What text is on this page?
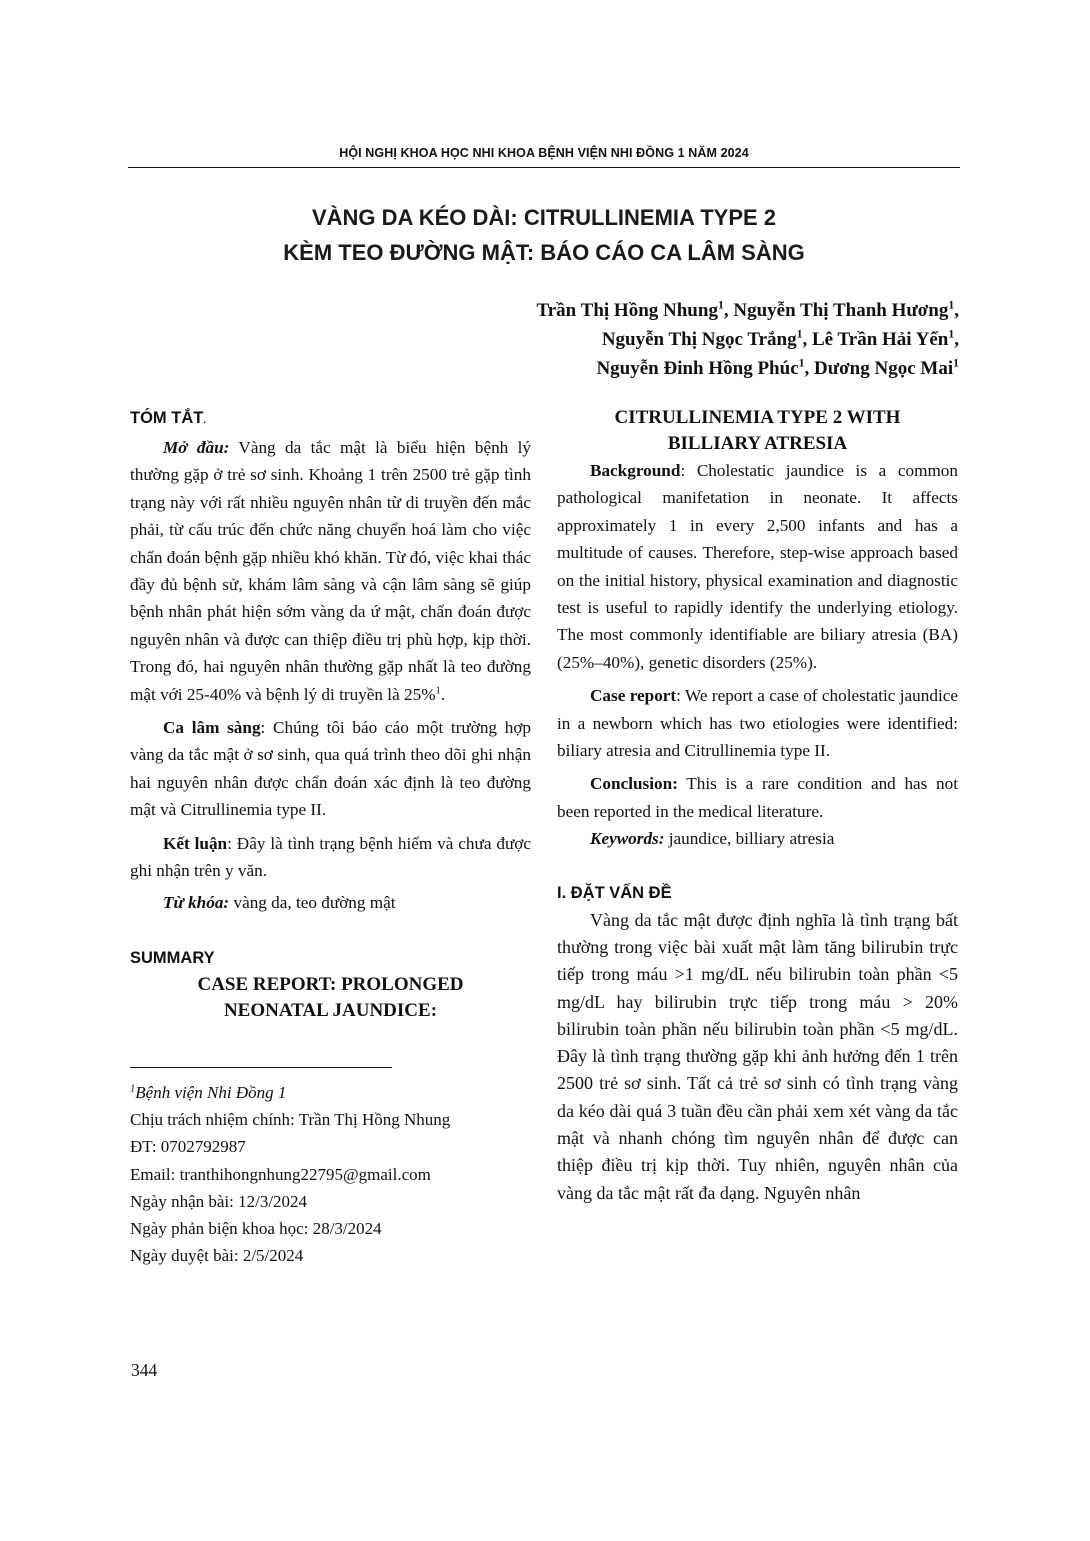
HỘI NGHỊ KHOA HỌC NHI KHOA BỆNH VIỆN NHI ĐỒNG 1 NĂM 2024
VÀNG DA KÉO DÀI: CITRULLINEMIA TYPE 2
KÈM TEO ĐƯỜNG MẬT: BÁO CÁO CA LÂM SÀNG
Trần Thị Hồng Nhung$^1$, Nguyễn Thị Thanh Hương$^1$,
Nguyễn Thị Ngọc Trắng$^1$, Lê Trần Hải Yến$^1$,
Nguyễn Đinh Hồng Phúc$^1$, Dương Ngọc Mai$^1$
TÓM TẮT.

Mở đầu: Vàng da tắc mật là biểu hiện bệnh lý thường gặp ở trẻ sơ sinh. Khoảng 1 trên 2500 trẻ gặp tình trạng này với rất nhiều nguyên nhân từ di truyền đến mắc phải, từ cấu trúc đến chức năng chuyển hoá làm cho việc chẩn đoán bệnh gặp nhiều khó khăn. Từ đó, việc khai thác đầy đủ bệnh sử, khám lâm sàng và cận lâm sàng sẽ giúp bệnh nhân phát hiện sớm vàng da ứ mật, chẩn đoán được nguyên nhân và được can thiệp điều trị phù hợp, kịp thời. Trong đó, hai nguyên nhân thường gặp nhất là teo đường mật với 25-40% và bệnh lý di truyền là 25%$^1$.

Ca lâm sàng: Chúng tôi báo cáo một trường hợp vàng da tắc mật ở sơ sinh, qua quá trình theo dõi ghi nhận hai nguyên nhân được chẩn đoán xác định là teo đường mật và Citrullinemia type II.

Kết luận: Đây là tình trạng bệnh hiếm và chưa được ghi nhận trên y văn.

Từ khóa: vàng da, teo đường mật

SUMMARY
CASE REPORT: PROLONGED
NEONATAL JAUNDICE:
$^1$Bệnh viện Nhi Đồng 1
Chịu trách nhiệm chính: Trần Thị Hồng Nhung
ĐT: 0702792987
Email: tranthihongnhung22795@gmail.com
Ngày nhận bài: 12/3/2024
Ngày phản biện khoa học: 28/3/2024
Ngày duyệt bài: 2/5/2024
CITRULLINEMIA TYPE 2 WITH
BILLIARY ATRESIA

Background: Cholestatic jaundice is a common pathological manifetation in neonate. It affects approximately 1 in every 2,500 infants and has a multitude of causes. Therefore, step-wise approach based on the initial history, physical examination and diagnostic test is useful to rapidly identify the underlying etiology. The most commonly identifiable are biliary atresia (BA) (25%–40%), genetic disorders (25%).

Case report: We report a case of cholestatic jaundice in a newborn which has two etiologies were identified: biliary atresia and Citrullinemia type II.

Conclusion: This is a rare condition and has not been reported in the medical literature.

Keywords: jaundice, billiary atresia

I. ĐẶT VẤN ĐỀ

Vàng da tắc mật được định nghĩa là tình trạng bất thường trong việc bài xuất mật làm tăng bilirubin trực tiếp trong máu >1 mg/dL nếu bilirubin toàn phần <5 mg/dL hay bilirubin trực tiếp trong máu > 20% bilirubin toàn phần nếu bilirubin toàn phần <5 mg/dL. Đây là tình trạng thường gặp khi ảnh hưởng đến 1 trên 2500 trẻ sơ sinh. Tất cả trẻ sơ sinh có tình trạng vàng da kéo dài quá 3 tuần đều cần phải xem xét vàng da tắc mật và nhanh chóng tìm nguyên nhân để được can thiệp điều trị kịp thời. Tuy nhiên, nguyên nhân của vàng da tắc mật rất đa dạng. Nguyên nhân

344
